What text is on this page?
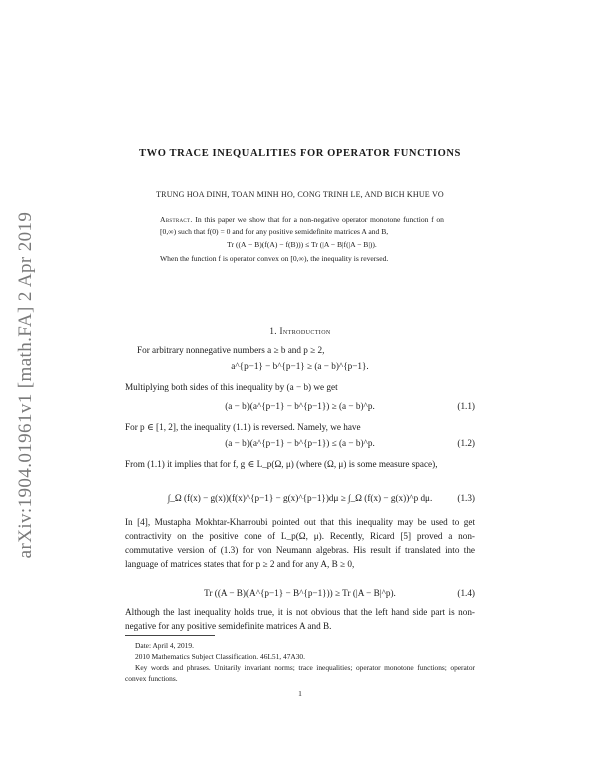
arXiv:1904.01961v1 [math.FA] 2 Apr 2019
TWO TRACE INEQUALITIES FOR OPERATOR FUNCTIONS
TRUNG HOA DINH, TOAN MINH HO, CONG TRINH LE, AND BICH KHUE VO
Abstract. In this paper we show that for a non-negative operator monotone function f on [0,∞) such that f(0) = 0 and for any positive semidefinite matrices A and B,
Tr ((A − B)(f(A) − f(B))) ≤ Tr (|A − B|f(|A − B|)).
When the function f is operator convex on [0,∞), the inequality is reversed.
1. Introduction
For arbitrary nonnegative numbers a ≥ b and p ≥ 2,
a^{p−1} − b^{p−1} ≥ (a − b)^{p−1}.
Multiplying both sides of this inequality by (a − b) we get
(a − b)(a^{p−1} − b^{p−1}) ≥ (a − b)^p.	(1.1)
For p ∈ [1, 2], the inequality (1.1) is reversed. Namely, we have
(a − b)(a^{p−1} − b^{p−1}) ≤ (a − b)^p.	(1.2)
From (1.1) it implies that for f, g ∈ L_p(Ω, μ) (where (Ω, μ) is some measure space),
∫_Ω (f(x) − g(x))(f(x)^{p−1} − g(x)^{p−1})dμ ≥ ∫_Ω (f(x) − g(x))^p dμ.	(1.3)
In [4], Mustapha Mokhtar-Kharroubi pointed out that this inequality may be used to get contractivity on the positive cone of L_p(Ω, μ). Recently, Ricard [5] proved a non-commutative version of (1.3) for von Neumann algebras. His result if translated into the language of matrices states that for p ≥ 2 and for any A, B ≥ 0,
Tr ((A − B)(A^{p−1} − B^{p−1})) ≥ Tr (|A − B|^p).	(1.4)
Although the last inequality holds true, it is not obvious that the left hand side part is non-negative for any positive semidefinite matrices A and B.
Date: April 4, 2019.
2010 Mathematics Subject Classification. 46L51, 47A30.
Key words and phrases. Unitarily invariant norms; trace inequalities; operator monotone functions; operator convex functions.
1
